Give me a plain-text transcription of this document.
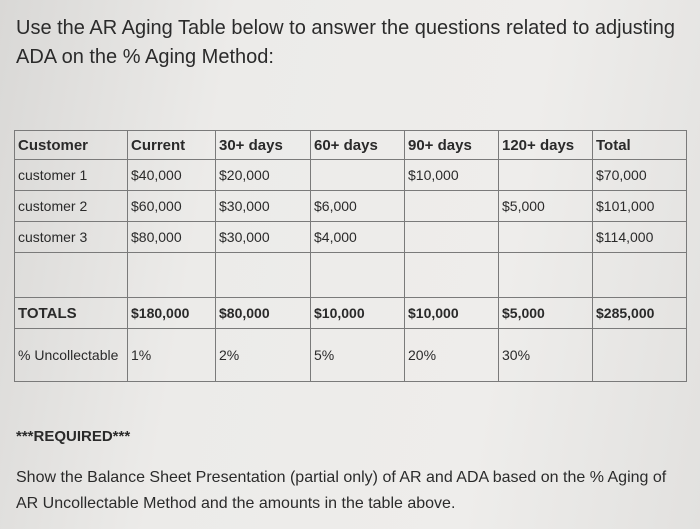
Use the AR Aging Table below to answer the questions related to adjusting ADA on the % Aging Method:

Customer	Current	30+ days	60+ days	90+ days	120+ days	Total
customer 1	$40,000	$20,000		$10,000		$70,000
customer 2	$60,000	$30,000	$6,000		$5,000	$101,000
customer 3	$80,000	$30,000	$4,000			$114,000

TOTALS	$180,000	$80,000	$10,000	$10,000	$5,000	$285,000
% Uncollectable	1%	2%	5%	20%	30%	

***REQUIRED***

Show the Balance Sheet Presentation (partial only) of AR and ADA based on the % Aging of AR Uncollectable Method and the amounts in the table above.
